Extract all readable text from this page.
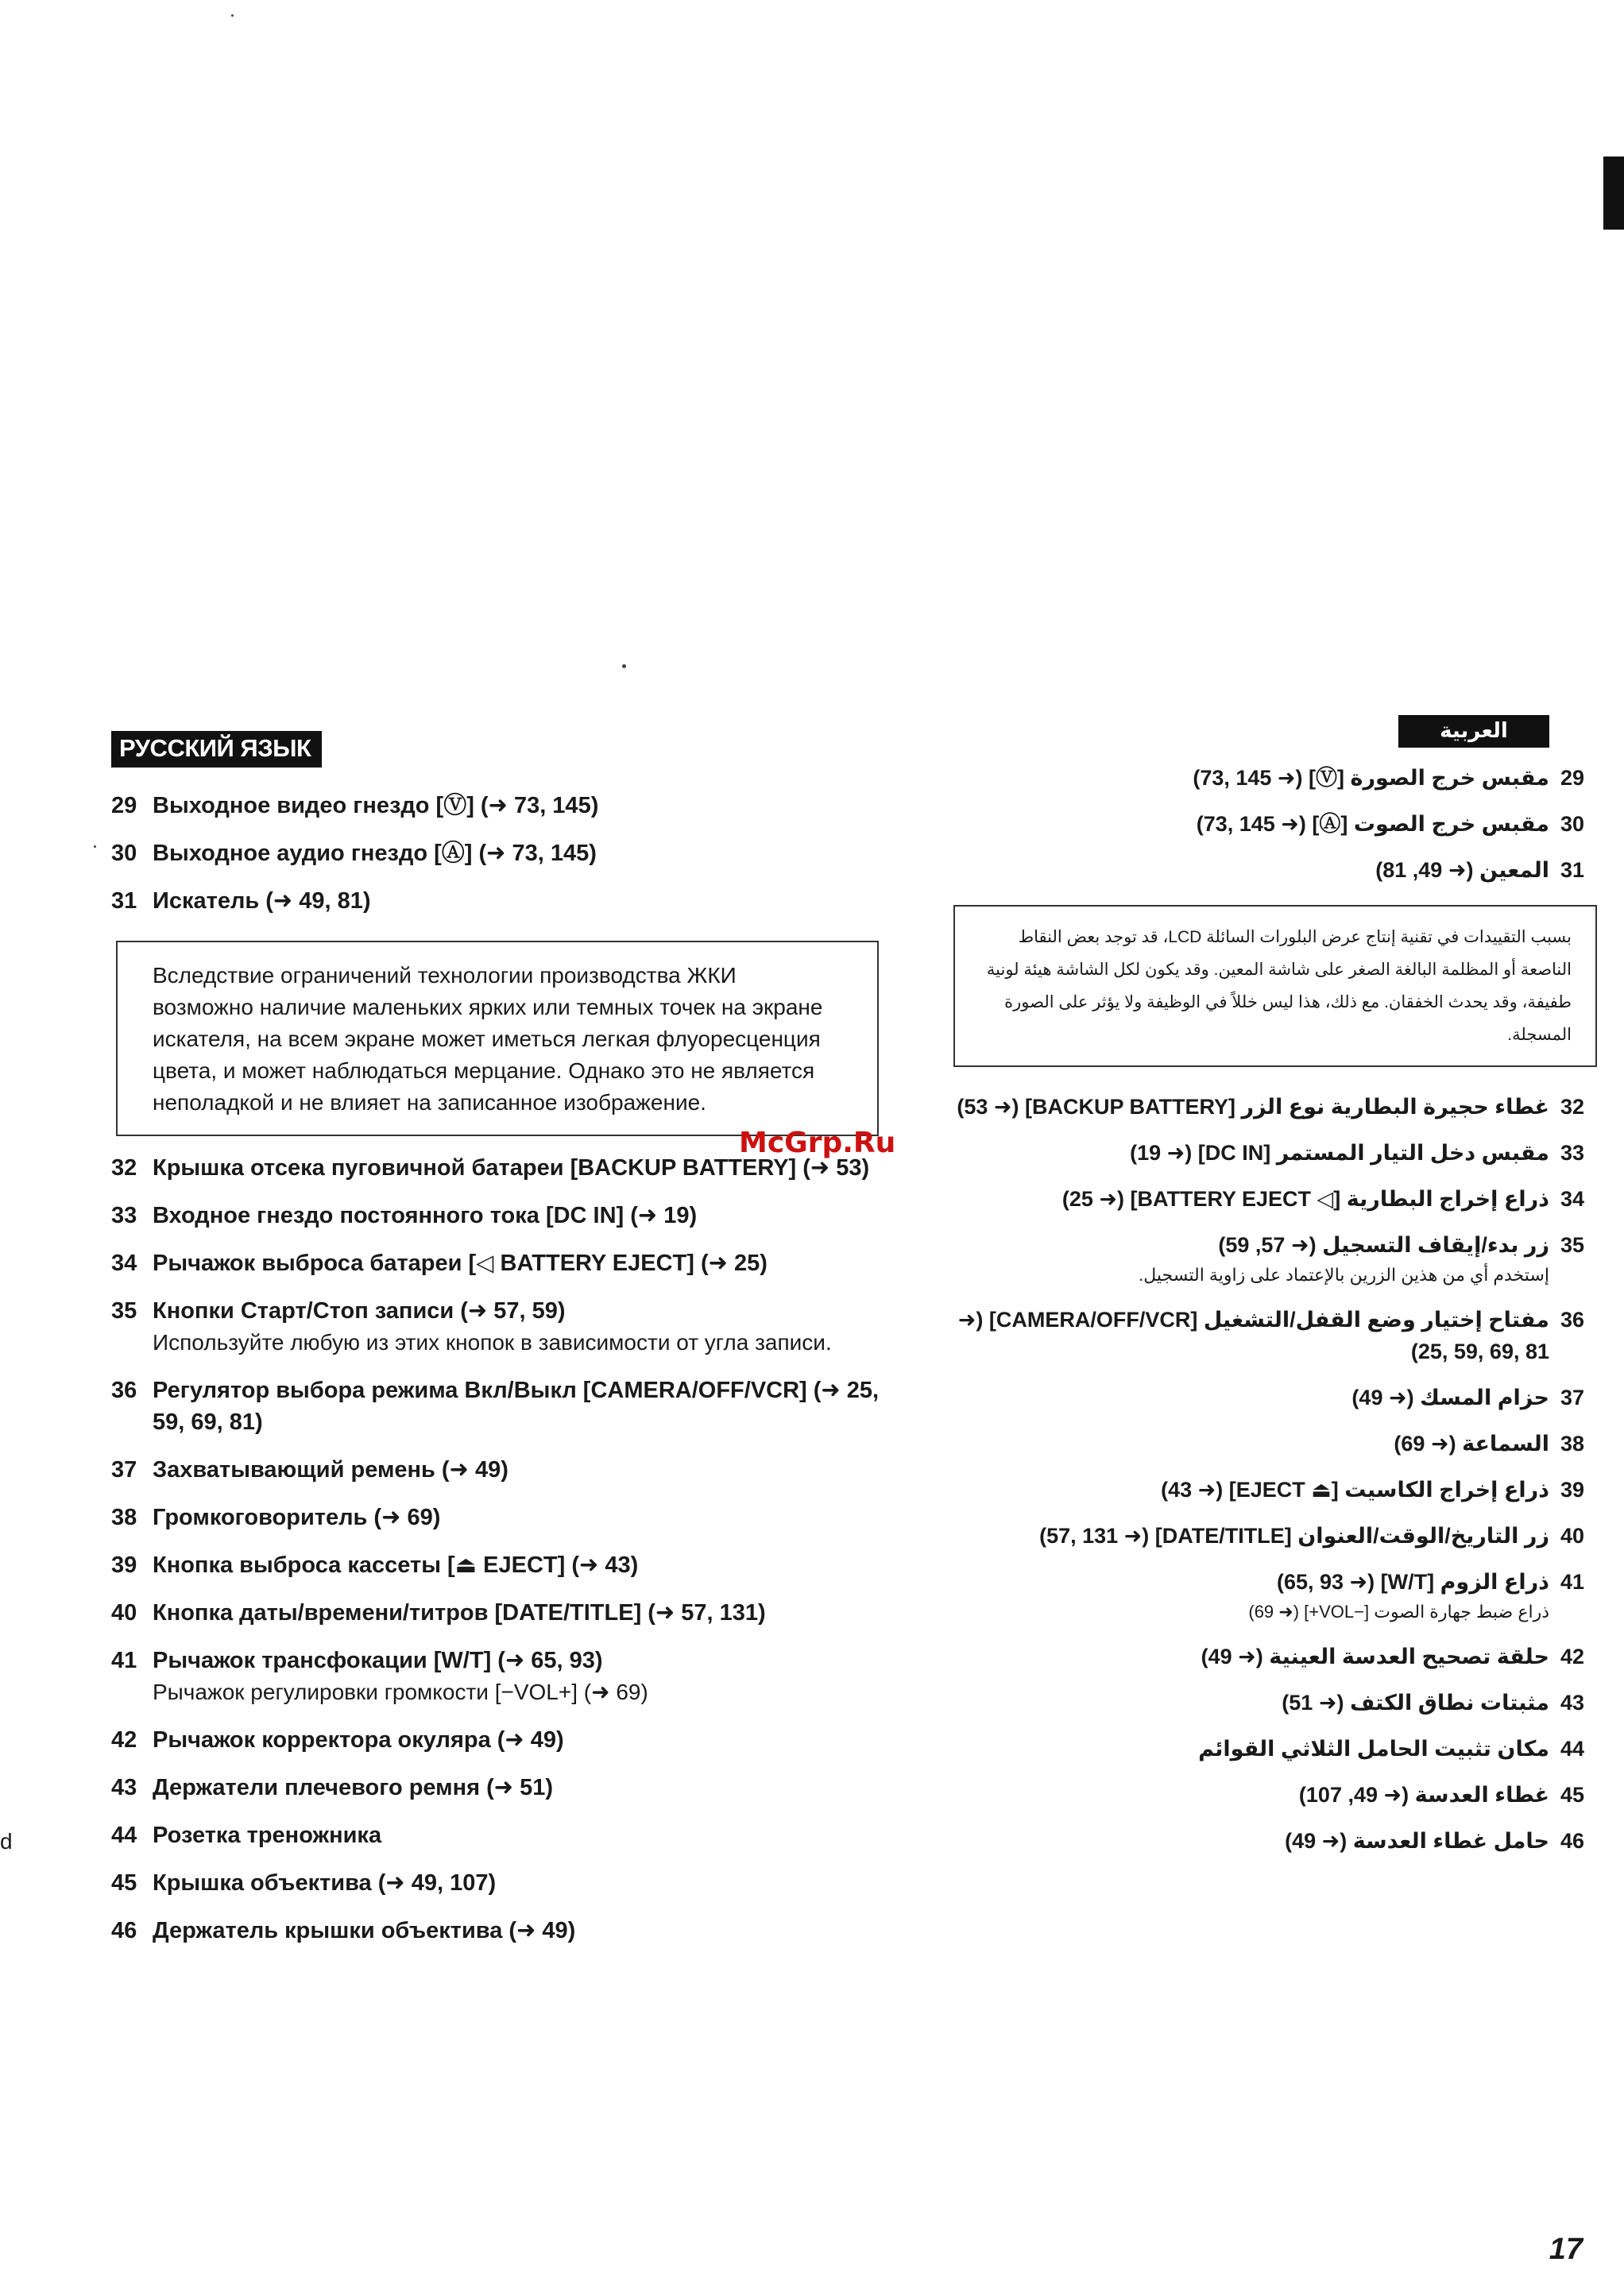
d
РУССКИЙ ЯЗЫК
29 Выходное видео гнездо [Ⓥ] (➜ 73, 145)
30 Выходное аудио гнездо [Ⓐ] (➜ 73, 145)
31 Искатель (➜ 49, 81)
Вследствие ограничений технологии производства ЖКИ возможно наличие маленьких ярких или темных точек на экране искателя, на всем экране может иметься легкая флуоресценция цвета, и может наблюдаться мерцание. Однако это не является неполадкой и не влияет на записанное изображение.
32 Крышка отсека пуговичной батареи [BACKUP BATTERY] (➜ 53)
33 Входное гнездо постоянного тока [DC IN] (➜ 19)
34 Рычажок выброса батареи [◁ BATTERY EJECT] (➜ 25)
35 Кнопки Старт/Стоп записи (➜ 57, 59)
Используйте любую из этих кнопок в зависимости от угла записи.
36 Регулятор выбора режима Вкл/Выкл [CAMERA/OFF/VCR] (➜ 25, 59, 69, 81)
37 Захватывающий ремень (➜ 49)
38 Громкоговоритель (➜ 69)
39 Кнопка выброса кассеты [⏏ EJECT] (➜ 43)
40 Кнопка даты/времени/титров [DATE/TITLE] (➜ 57, 131)
41 Рычажок трансфокации [W/T] (➜ 65, 93)
Рычажок регулировки громкости [−VOL+] (➜ 69)
42 Рычажок корректора окуляра (➜ 49)
43 Держатели плечевого ремня (➜ 51)
44 Розетка треножника
45 Крышка объектива (➜ 49, 107)
46 Держатель крышки объектива (➜ 49)
العربية
29
مقبس خرج الصورة [Ⓥ] (➜ 73, 145)
30
مقبس خرج الصوت [Ⓐ] (➜ 73, 145)
31
المعين (➜ 49, 81)
بسبب التقييدات في تقنية إنتاج عرض البلورات السائلة LCD، قد توجد بعض النقاط الناصعة أو المظلمة البالغة الصغر على شاشة المعين. وقد يكون لكل الشاشة هيئة لونية طفيفة، وقد يحدث الخفقان. مع ذلك، هذا ليس خللاً في الوظيفة ولا يؤثر على الصورة المسجلة.
32
غطاء حجيرة البطارية نوع الزر [BACKUP BATTERY] (➜ 53)
33
مقبس دخل التيار المستمر [DC IN] (➜ 19)
34
ذراع إخراج البطارية [◁ BATTERY EJECT] (➜ 25)
35
زر بدء/إيقاف التسجيل (➜ 57, 59)
إستخدم أي من هذين الزرين بالإعتماد على زاوية التسجيل.
36
مفتاح إختيار وضع القفل/التشغيل [CAMERA/OFF/VCR] (➜ 25, 59, 69, 81)
37
حزام المسك (➜ 49)
38
السماعة (➜ 69)
39
ذراع إخراج الكاسيت [⏏ EJECT] (➜ 43)
40
زر التاريخ/الوقت/العنوان [DATE/TITLE] (➜ 57, 131)
41
ذراع الزوم [W/T] (➜ 65, 93)
ذراع ضبط جهارة الصوت [−VOL+] (➜ 69)
42
حلقة تصحيح العدسة العينية (➜ 49)
43
مثبتات نطاق الكتف (➜ 51)
44
مكان تثبيت الحامل الثلاثي القوائم
45
غطاء العدسة (➜ 49, 107)
46
حامل غطاء العدسة (➜ 49)
McGrp.Ru
17
